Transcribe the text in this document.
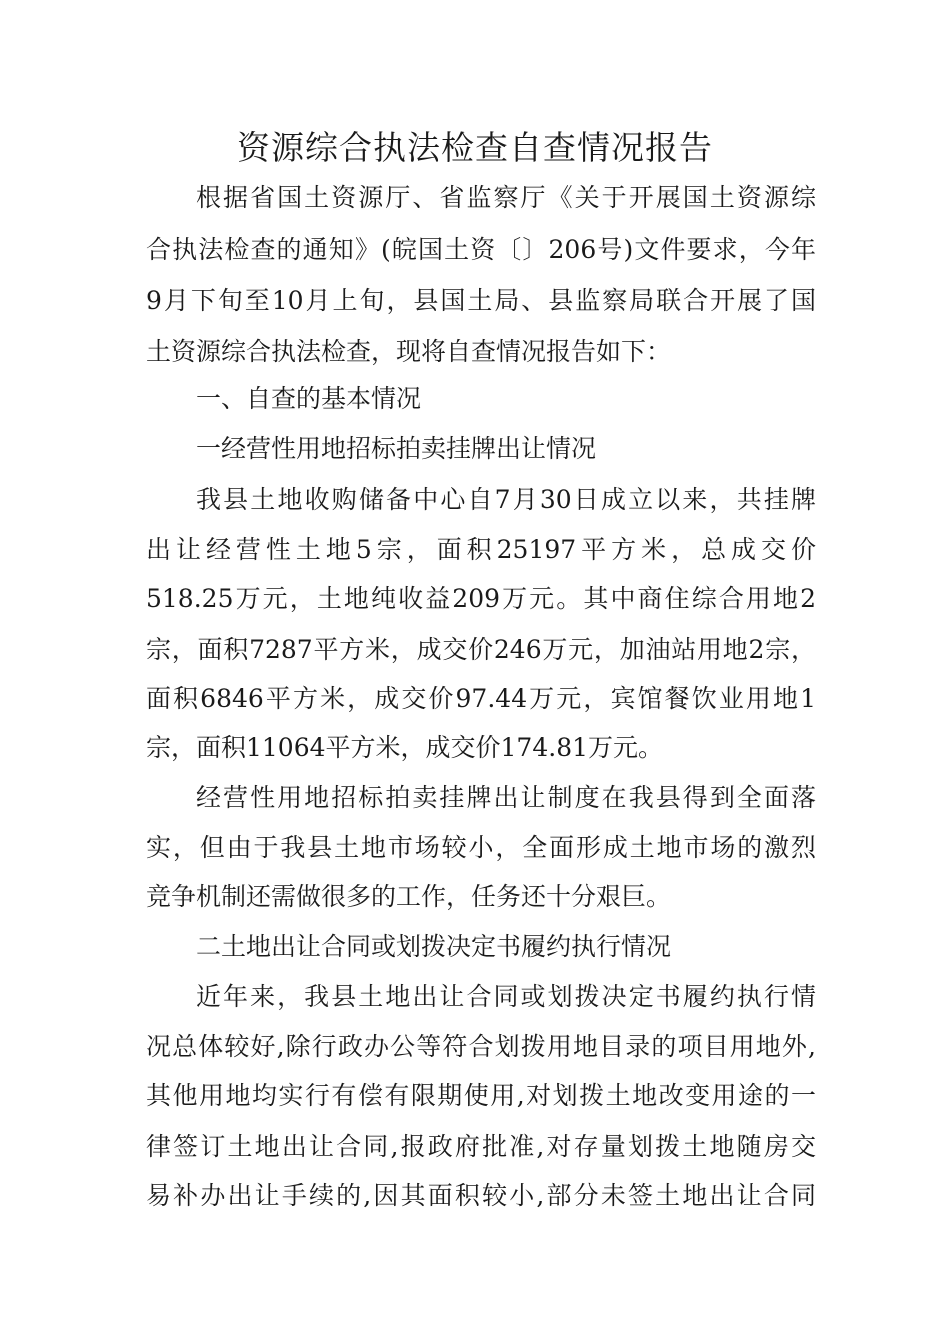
资源综合执法检查自查情况报告

根据省国土资源厅、省监察厅《关于开展国土资源综

合执法检查的通知》(皖国土资〔〕206号)文件要求，今年

9月下旬至10月上旬，县国土局、县监察局联合开展了国

土资源综合执法检查，现将自查情况报告如下：

一、自查的基本情况

一经营性用地招标拍卖挂牌出让情况

我县土地收购储备中心自7月30日成立以来，共挂牌

出让经营性土地5宗，面积25197平方米，总成交价

518.25万元，土地纯收益209万元。其中商住综合用地2

宗，面积7287平方米，成交价246万元，加油站用地2宗，

面积6846平方米，成交价97.44万元，宾馆餐饮业用地1

宗，面积11064平方米，成交价174.81万元。

经营性用地招标拍卖挂牌出让制度在我县得到全面落

实，但由于我县土地市场较小，全面形成土地市场的激烈

竞争机制还需做很多的工作，任务还十分艰巨。

二土地出让合同或划拨决定书履约执行情况

近年来，我县土地出让合同或划拨决定书履约执行情

况总体较好,除行政办公等符合划拨用地目录的项目用地外,

其他用地均实行有偿有限期使用,对划拨土地改变用途的一

律签订土地出让合同,报政府批准,对存量划拨土地随房交

易补办出让手续的,因其面积较小,部分未签土地出让合同
